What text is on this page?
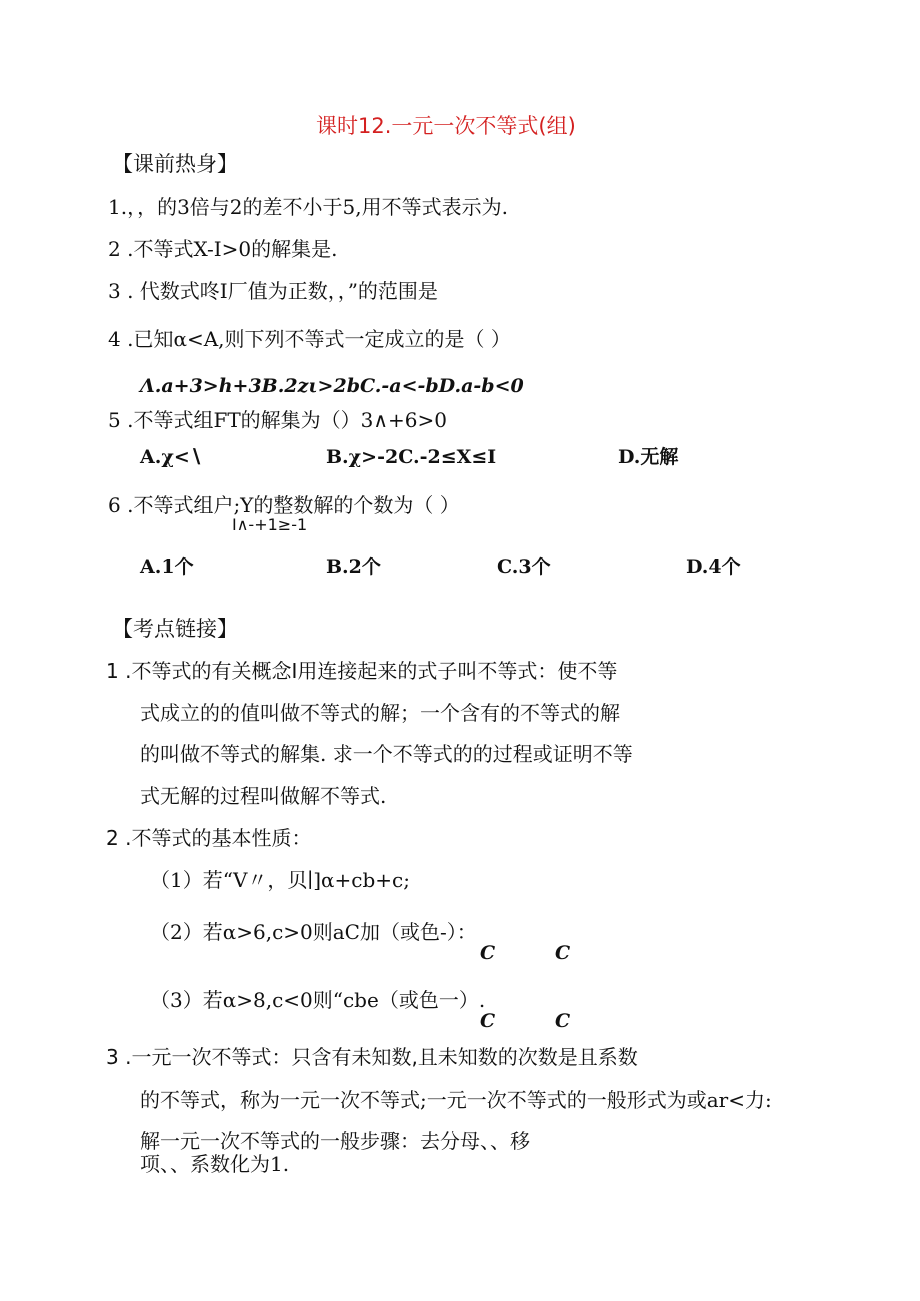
课时12.一元一次不等式(组)
【课前热身】
1.，，的3倍与2的差不小于5,用不等式表示为.
2 .不等式X-I>0的解集是.
3 . 代数式咚I厂值为正数，，”的范围是
4 .已知α<A,则下列不等式一定成立的是（ ）
Λ.a+3>h+3B.2zι>2bC.-a<-bD.a-b<0
5 .不等式组FT的解集为（）3∧+6>0
A.χ<∖	B.χ>-2C.-2≤X≤I	D.无解
6 .不等式组户;Y的整数解的个数为（ ）
I∧-+1≥-1
A.1个	B.2个	C.3个	D.4个
【考点链接】
1 .不等式的有关概念I用连接起来的式子叫不等式：使不等
式成立的的值叫做不等式的解；一个含有的不等式的解
的叫做不等式的解集. 求一个不等式的的过程或证明不等
式无解的过程叫做解不等式.
2 .不等式的基本性质：
（1）若“V〃，贝∣]α+cb+c;
（2）若α>6,c>0则aC加（或色-）：
C	C
（3）若α>8,c<0则“cbe（或色一）.
C	C
3 .一元一次不等式：只含有未知数,且未知数的次数是且系数
的不等式，称为一元一次不等式;一元一次不等式的一般形式为或ar<力:
解一元一次不等式的一般步骤：去分母、、移
项、、系数化为1.
